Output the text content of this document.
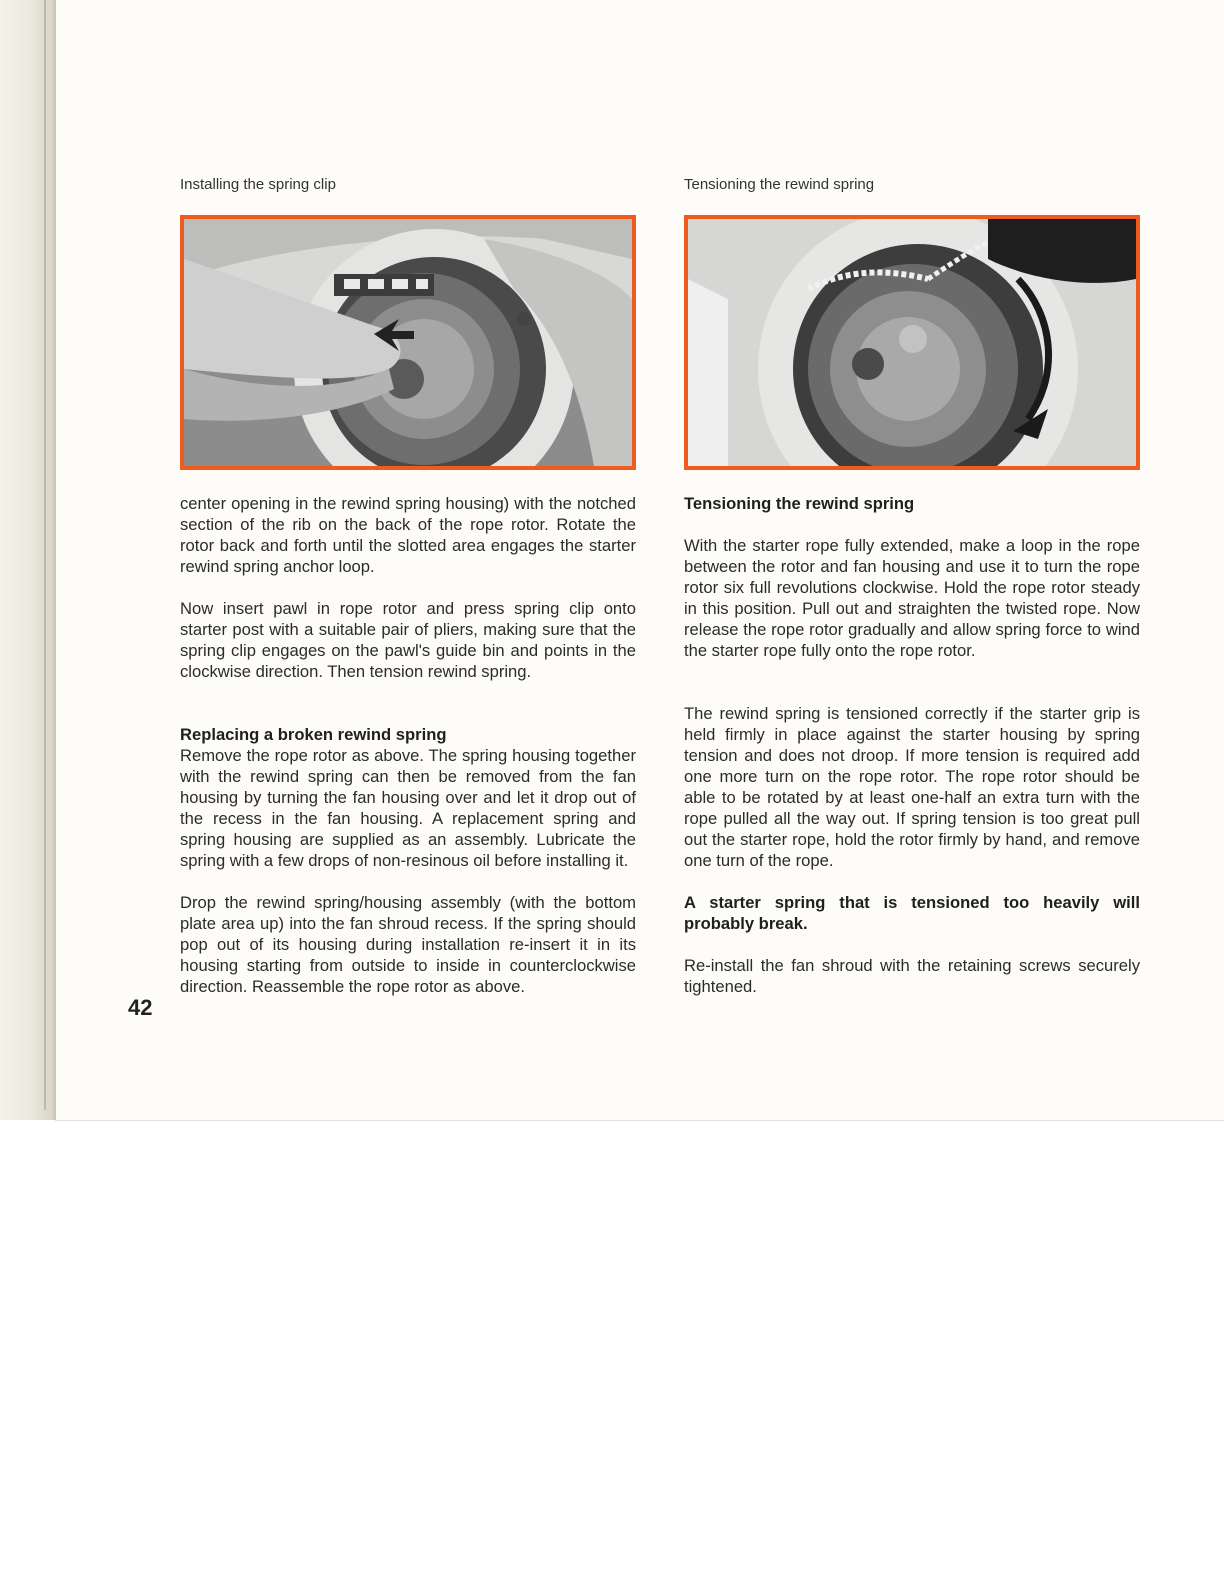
Installing the spring clip

center opening in the rewind spring housing) with the notched section of the rib on the back of the rope rotor. Rotate the rotor back and forth until the slotted area engages the starter rewind spring anchor loop.

Now insert pawl in rope rotor and press spring clip onto starter post with a suitable pair of pliers, making sure that the spring clip engages on the pawl's guide bin and points in the clockwise direction. Then tension rewind spring.

Replacing a broken rewind spring

Remove the rope rotor as above. The spring housing together with the rewind spring can then be removed from the fan housing by turning the fan housing over and let it drop out of the recess in the fan housing. A replacement spring and spring housing are supplied as an assembly. Lubricate the spring with a few drops of non-resinous oil before installing it.

Drop the rewind spring/housing assembly (with the bottom plate area up) into the fan shroud recess. If the spring should pop out of its housing during installation re-insert it in its housing starting from outside to inside in counterclockwise direction. Reassemble the rope rotor as above.

Tensioning the rewind spring

Tensioning the rewind spring

With the starter rope fully extended, make a loop in the rope between the rotor and fan housing and use it to turn the rope rotor six full revolutions clockwise. Hold the rope rotor steady in this position. Pull out and straighten the twisted rope. Now release the rope rotor gradually and allow spring force to wind the starter rope fully onto the rope rotor.

The rewind spring is tensioned correctly if the starter grip is held firmly in place against the starter housing by spring tension and does not droop. If more tension is required add one more turn on the rope rotor. The rope rotor should be able to be rotated by at least one-half an extra turn with the rope pulled all the way out. If spring tension is too great pull out the starter rope, hold the rotor firmly by hand, and remove one turn of the rope.

A starter spring that is tensioned too heavily will probably break.

Re-install the fan shroud with the retaining screws securely tightened.

42
